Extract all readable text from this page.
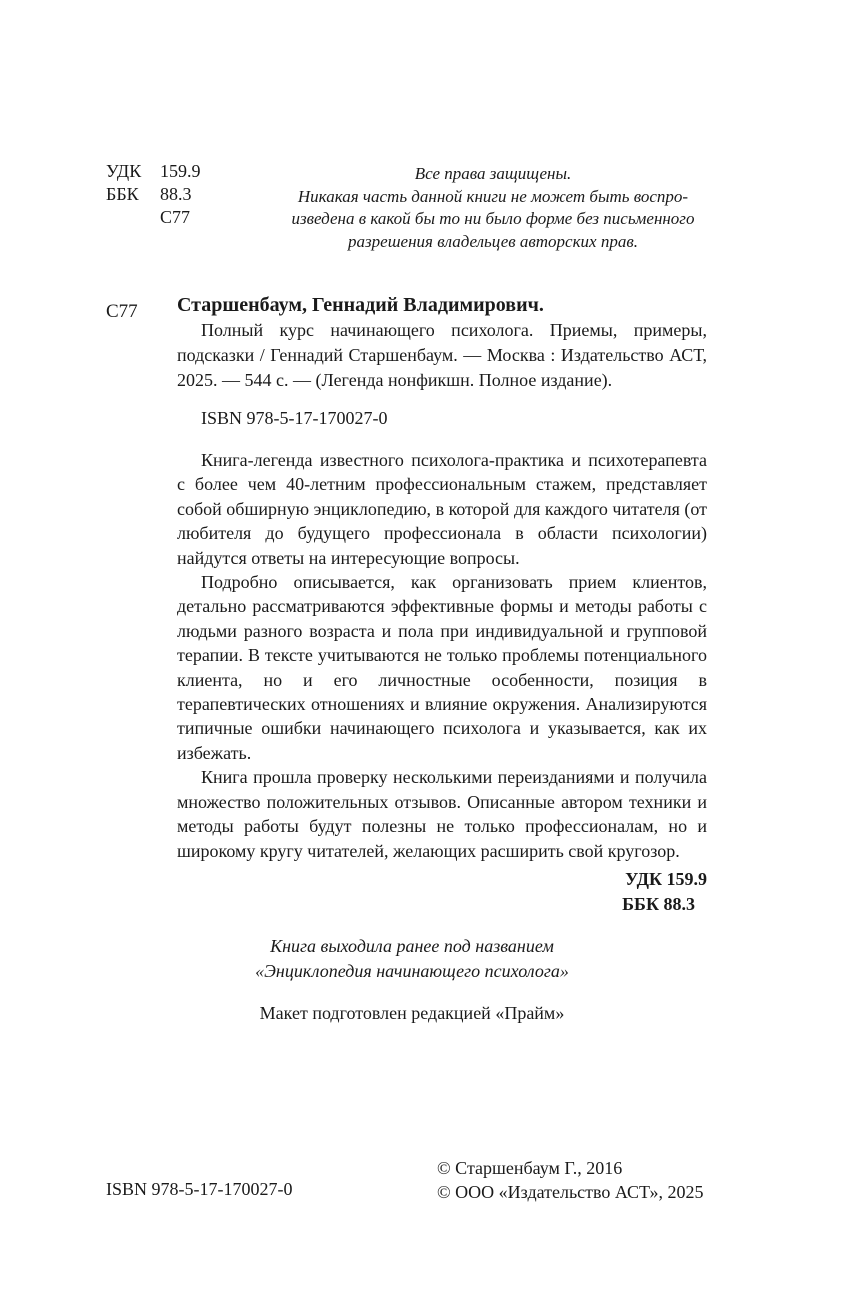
УДК 159.9
ББК 88.3
С77
Все права защищены.
Никакая часть данной книги не может быть воспро-
изведена в какой бы то ни было форме без письменного
разрешения владельцев авторских прав.
С77 Старшенбаум, Геннадий Владимирович.

Полный курс начинающего психолога. Приемы, примеры, подсказки / Геннадий Старшенбаум. — Москва : Издательство АСТ, 2025. — 544 с. — (Легенда нонфикшн. Полное издание).

ISBN 978-5-17-170027-0

Книга-легенда известного психолога-практика и психотерапевта с более чем 40-летним профессиональным стажем, представляет собой обширную энциклопедию, в которой для каждого читателя (от любителя до будущего профессионала в области психологии) найдутся ответы на интересующие вопросы.

Подробно описывается, как организовать прием клиентов, детально рассматриваются эффективные формы и методы работы с людьми разного возраста и пола при индивидуальной и групповой терапии. В тексте учитываются не только проблемы потенциального клиента, но и его личностные особенности, позиция в терапевтических отношениях и влияние окружения. Анализируются типичные ошибки начинающего психолога и указывается, как их избежать.

Книга прошла проверку несколькими переизданиями и получила множество положительных отзывов. Описанные автором техники и методы работы будут полезны не только профессионалам, но и широкому кругу читателей, желающих расширить свой кругозор.

УДК 159.9
ББК 88.3
Книга выходила ранее под названием
«Энциклопедия начинающего психолога»
Макет подготовлен редакцией «Прайм»
ISBN 978-5-17-170027-0
© Старшенбаум Г., 2016
© ООО «Издательство АСТ», 2025
